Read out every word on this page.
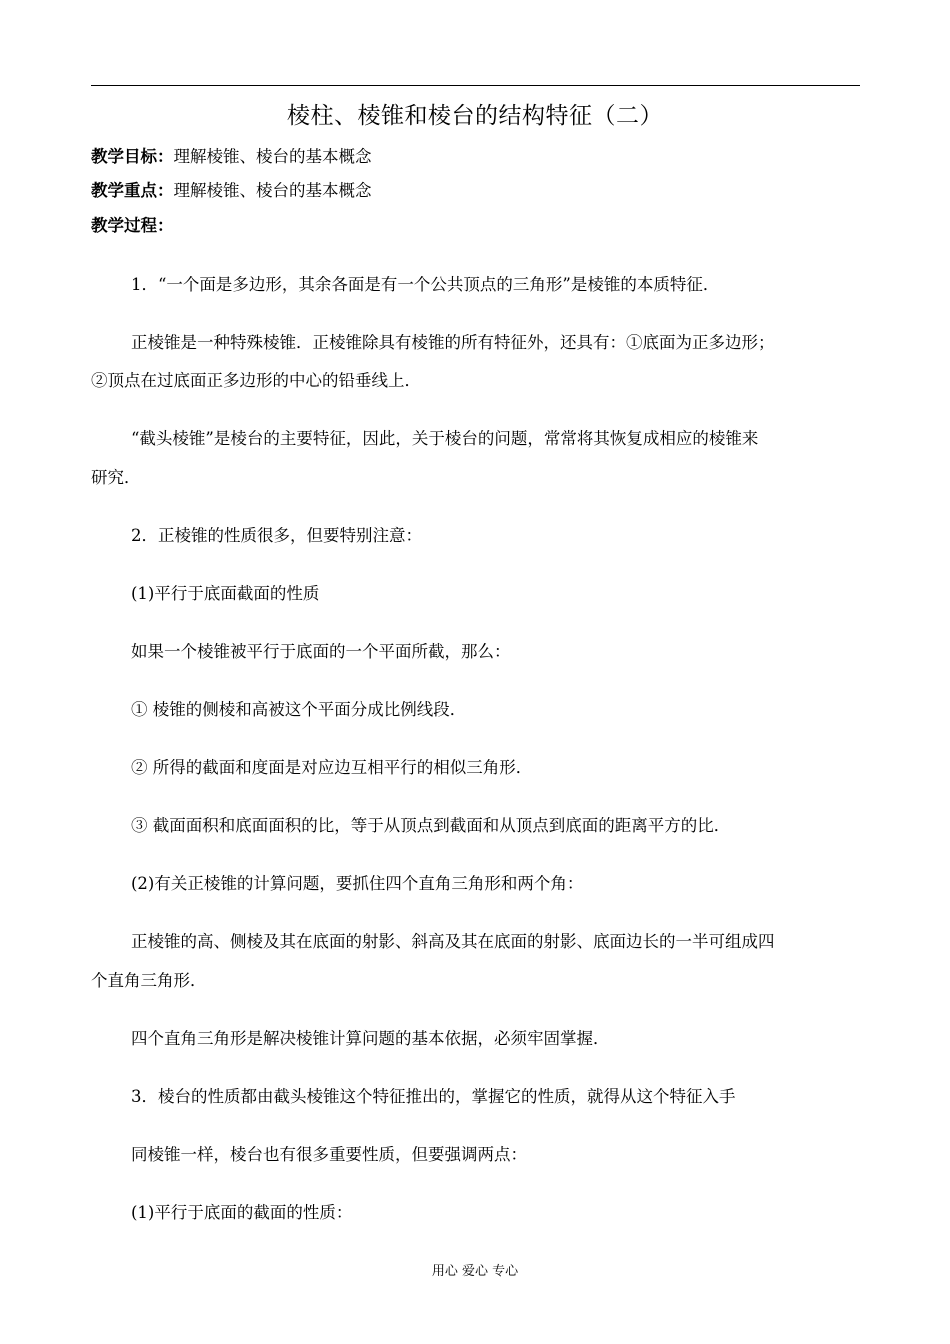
棱柱、棱锥和棱台的结构特征（二）
教学目标：理解棱锥、棱台的基本概念
教学重点：理解棱锥、棱台的基本概念
教学过程：
1．“一个面是多边形，其余各面是有一个公共顶点的三角形”是棱锥的本质特征．
正棱锥是一种特殊棱锥．正棱锥除具有棱锥的所有特征外，还具有：①底面为正多边形；
②顶点在过底面正多边形的中心的铅垂线上．
“截头棱锥”是棱台的主要特征，因此，关于棱台的问题，常常将其恢复成相应的棱锥来
研究．
2．正棱锥的性质很多，但要特别注意：
(1)平行于底面截面的性质
如果一个棱锥被平行于底面的一个平面所截，那么：
① 棱锥的侧棱和高被这个平面分成比例线段．
② 所得的截面和度面是对应边互相平行的相似三角形．
③ 截面面积和底面面积的比，等于从顶点到截面和从顶点到底面的距离平方的比．
(2)有关正棱锥的计算问题，要抓住四个直角三角形和两个角：
正棱锥的高、侧棱及其在底面的射影、斜高及其在底面的射影、底面边长的一半可组成四
个直角三角形．
四个直角三角形是解决棱锥计算问题的基本依据，必须牢固掌握．
3．棱台的性质都由截头棱锥这个特征推出的，掌握它的性质，就得从这个特征入手
同棱锥一样，棱台也有很多重要性质，但要强调两点：
(1)平行于底面的截面的性质：
用心 爱心 专心
